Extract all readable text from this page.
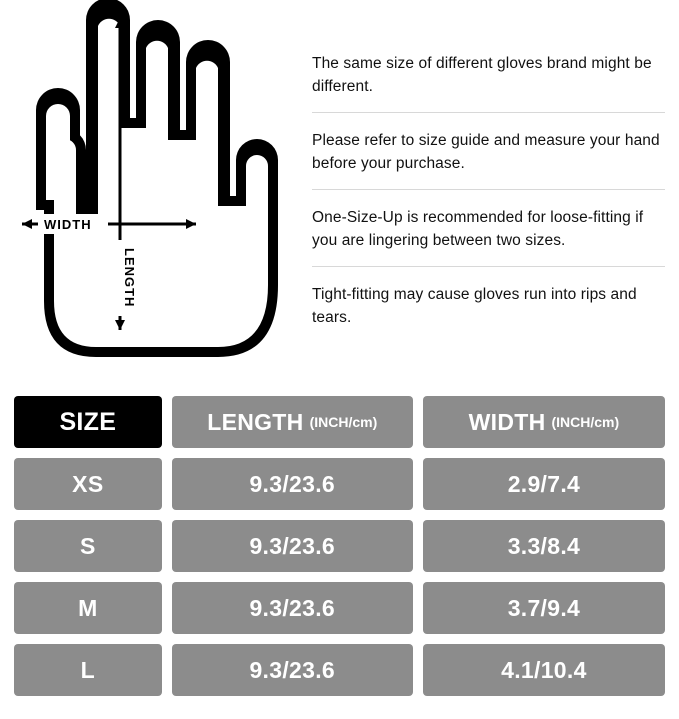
WIDTH
LENGTH

The same size of different gloves brand might be different.

Please refer to size guide and measure your hand before your purchase.

One-Size-Up is recommended for loose-fitting if you are lingering between two sizes.

Tight-fitting may cause gloves run into rips and tears.

SIZE	LENGTH (INCH/cm)	WIDTH (INCH/cm)
XS	9.3/23.6	2.9/7.4
S	9.3/23.6	3.3/8.4
M	9.3/23.6	3.7/9.4
L	9.3/23.6	4.1/10.4
